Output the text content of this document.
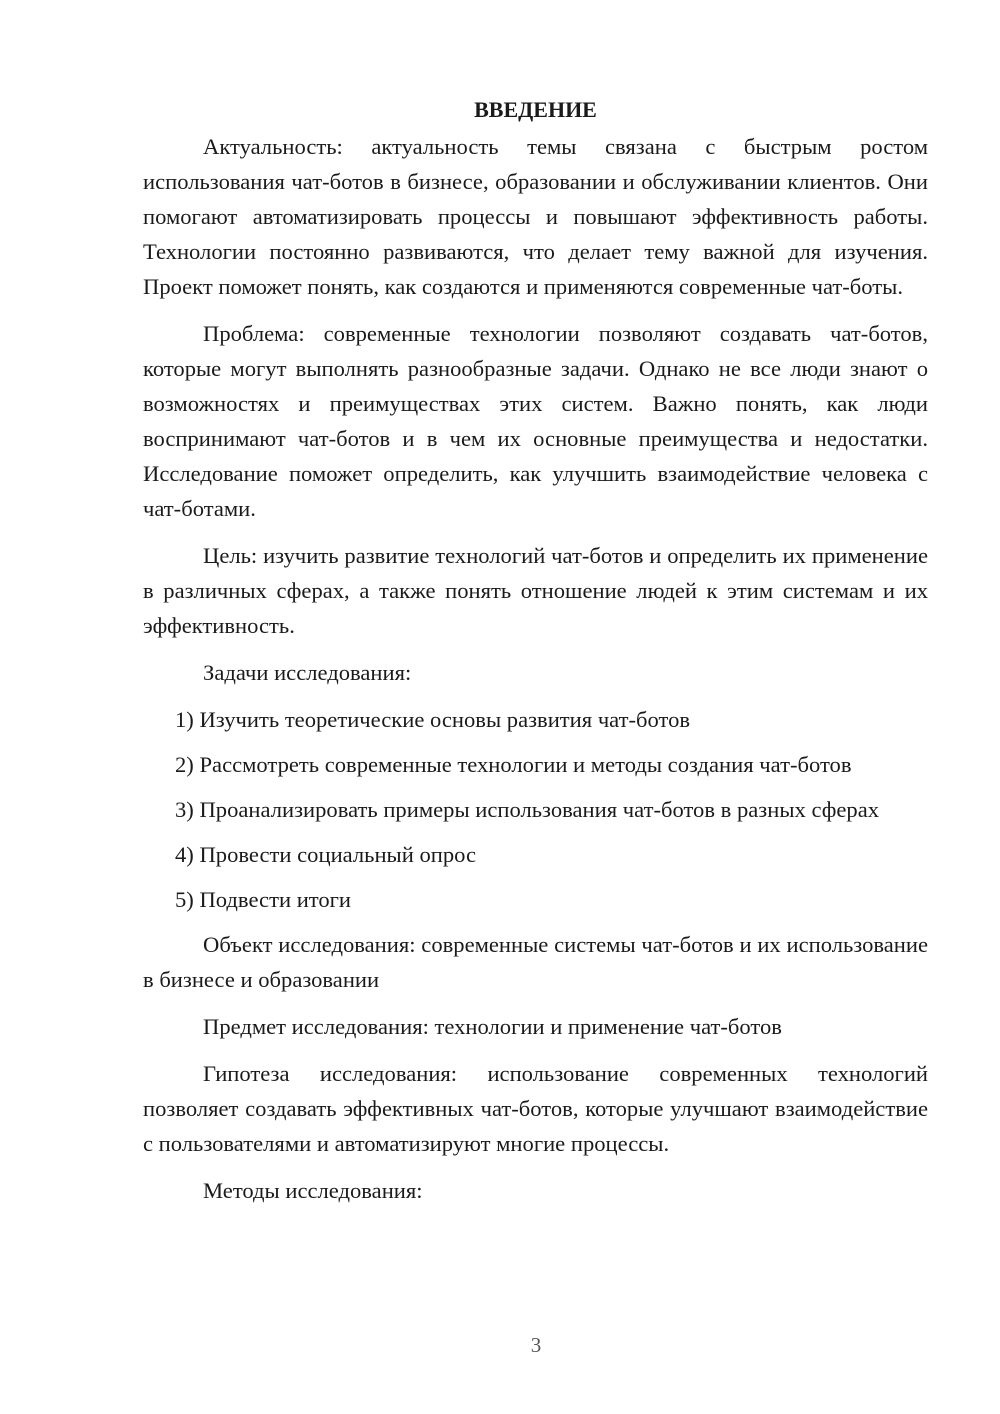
ВВЕДЕНИЕ

Актуальность: актуальность темы связана с быстрым ростом использования чат-ботов в бизнесе, образовании и обслуживании клиентов. Они помогают автоматизировать процессы и повышают эффективность работы. Технологии постоянно развиваются, что делает тему важной для изучения. Проект поможет понять, как создаются и применяются современные чат-боты.

Проблема: современные технологии позволяют создавать чат-ботов, которые могут выполнять разнообразные задачи. Однако не все люди знают о возможностях и преимуществах этих систем. Важно понять, как люди воспринимают чат-ботов и в чем их основные преимущества и недостатки. Исследование поможет определить, как улучшить взаимодействие человека с чат-ботами.

Цель: изучить развитие технологий чат-ботов и определить их применение в различных сферах, а также понять отношение людей к этим системам и их эффективность.

Задачи исследования:

1) Изучить теоретические основы развития чат-ботов

2) Рассмотреть современные технологии и методы создания чат-ботов

3) Проанализировать примеры использования чат-ботов в разных сферах

4) Провести социальный опрос

5) Подвести итоги

Объект исследования: современные системы чат-ботов и их использование в бизнесе и образовании

Предмет исследования: технологии и применение чат-ботов

Гипотеза исследования: использование современных технологий позволяет создавать эффективных чат-ботов, которые улучшают взаимодействие с пользователями и автоматизируют многие процессы.

Методы исследования:

3
